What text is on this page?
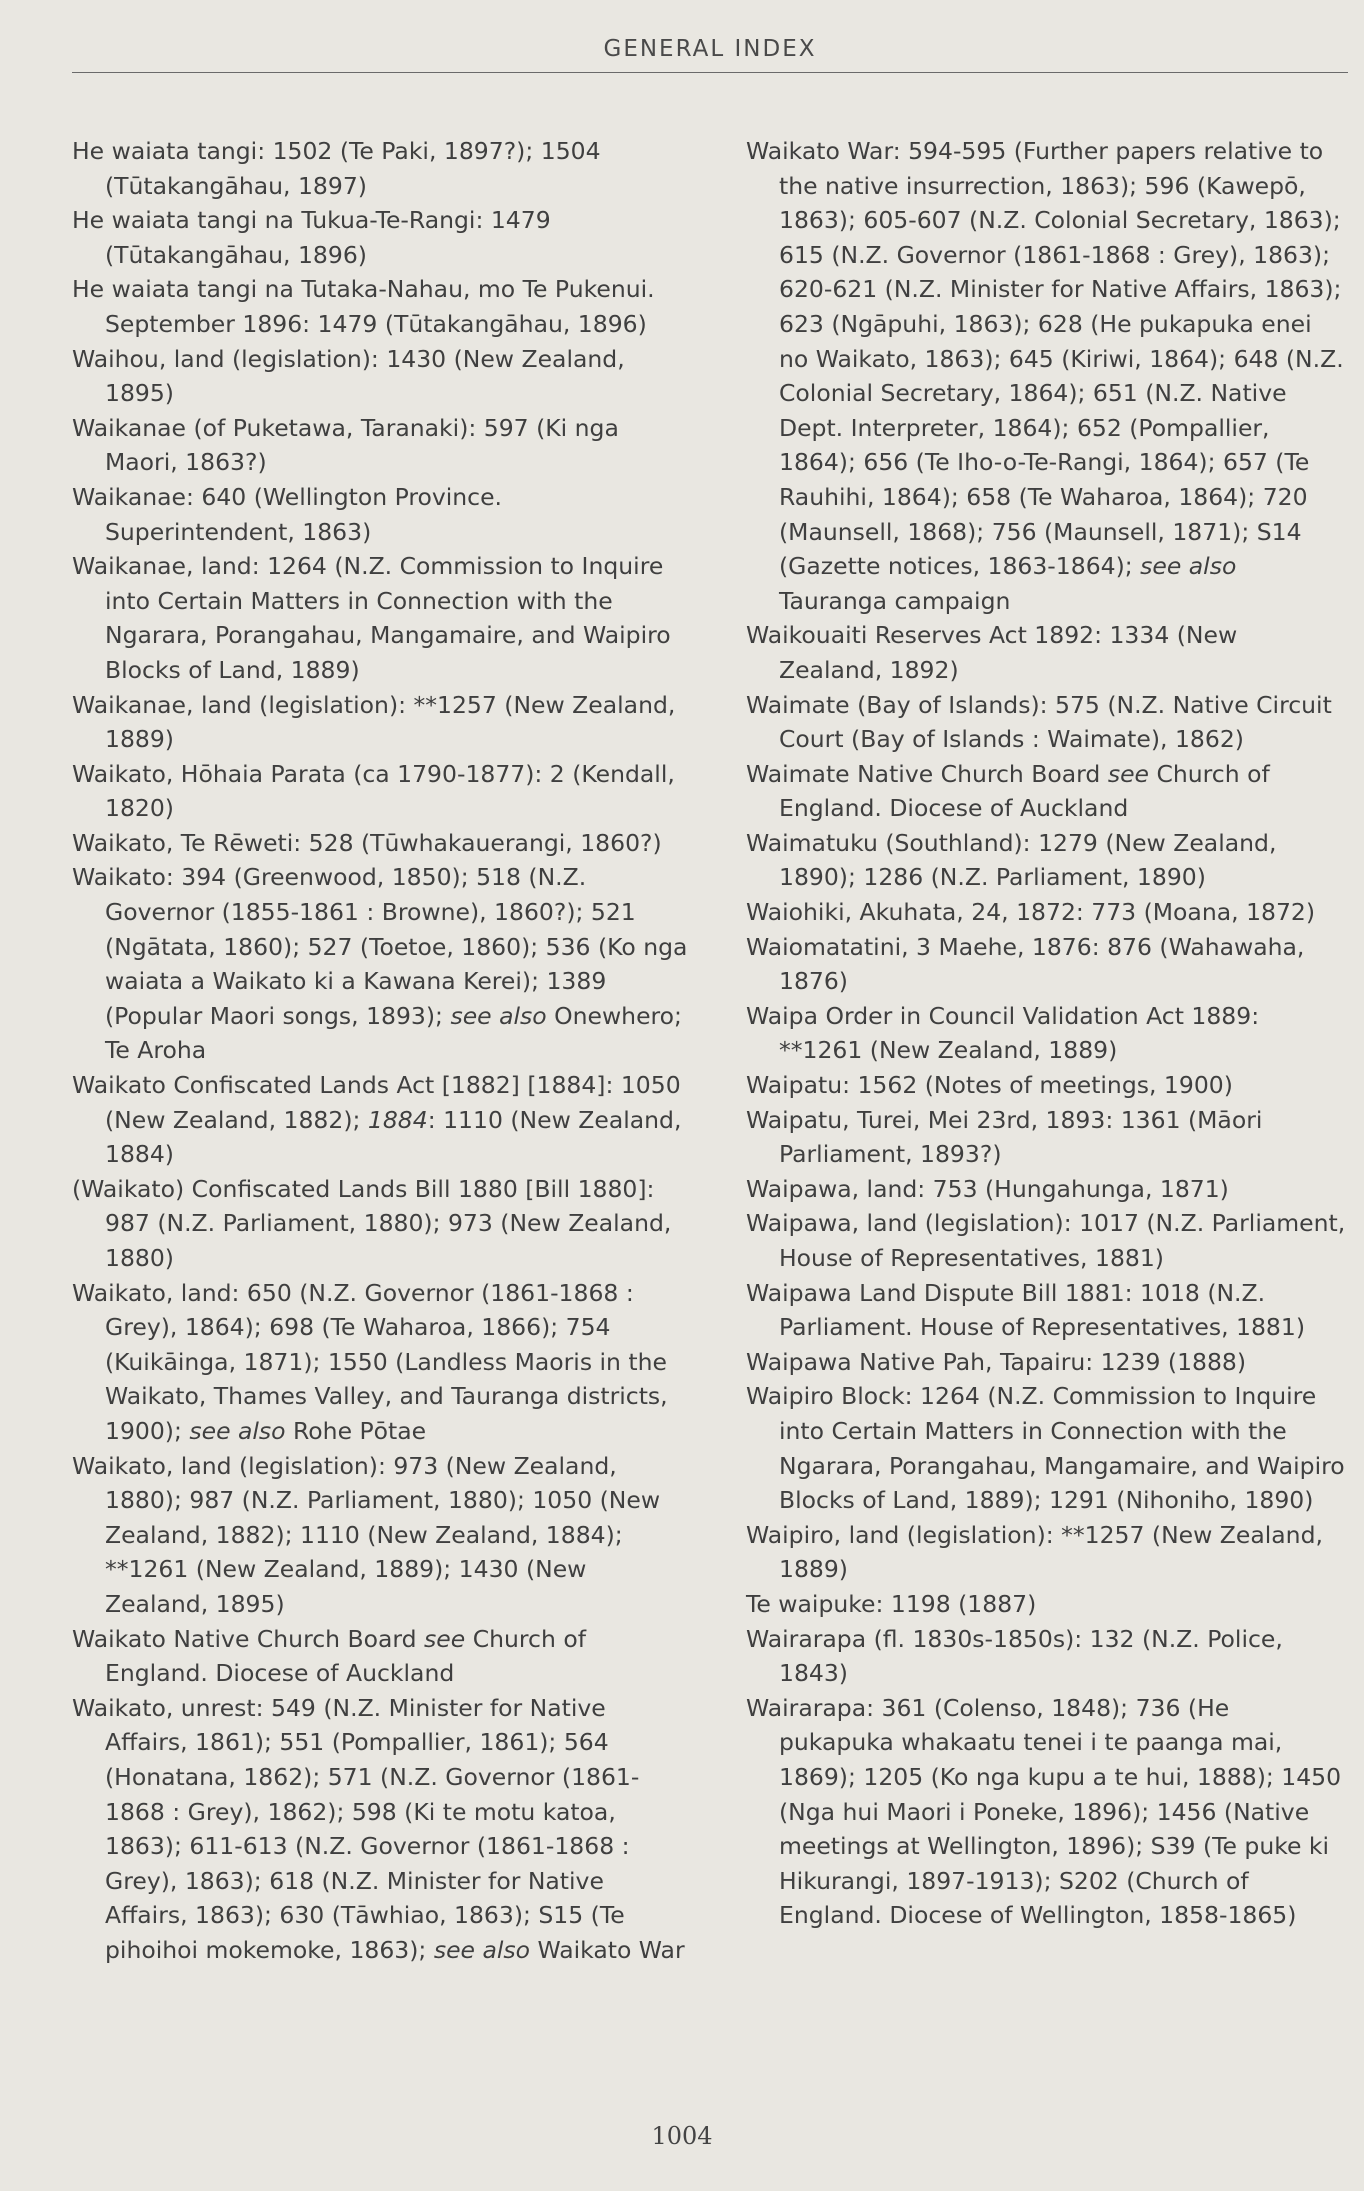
GENERAL INDEX

He waiata tangi: 1502 (Te Paki, 1897?); 1504 (Tūtakangāhau, 1897)

He waiata tangi na Tukua-Te-Rangi: 1479 (Tūtakangāhau, 1896)

He waiata tangi na Tutaka-Nahau, mo Te Pukenui. September 1896: 1479 (Tūtakangāhau, 1896)

Waihou, land (legislation): 1430 (New Zealand, 1895)

Waikanae (of Puketawa, Taranaki): 597 (Ki nga Maori, 1863?)

Waikanae: 640 (Wellington Province. Superintendent, 1863)

Waikanae, land: 1264 (N.Z. Commission to Inquire into Certain Matters in Connection with the Ngarara, Porangahau, Mangamaire, and Waipiro Blocks of Land, 1889)

Waikanae, land (legislation): **1257 (New Zealand, 1889)

Waikato, Hōhaia Parata (ca 1790-1877): 2 (Kendall, 1820)

Waikato, Te Rēweti: 528 (Tūwhakauerangi, 1860?)

Waikato: 394 (Greenwood, 1850); 518 (N.Z. Governor (1855-1861 : Browne), 1860?); 521 (Ngātata, 1860); 527 (Toetoe, 1860); 536 (Ko nga waiata a Waikato ki a Kawana Kerei); 1389 (Popular Maori songs, 1893); see also Onewhero; Te Aroha

Waikato Confiscated Lands Act [1882] [1884]: 1050 (New Zealand, 1882); 1884: 1110 (New Zealand, 1884)

(Waikato) Confiscated Lands Bill 1880 [Bill 1880]: 987 (N.Z. Parliament, 1880); 973 (New Zealand, 1880)

Waikato, land: 650 (N.Z. Governor (1861-1868 : Grey), 1864); 698 (Te Waharoa, 1866); 754 (Kuikāinga, 1871); 1550 (Landless Maoris in the Waikato, Thames Valley, and Tauranga districts, 1900); see also Rohe Pōtae

Waikato, land (legislation): 973 (New Zealand, 1880); 987 (N.Z. Parliament, 1880); 1050 (New Zealand, 1882); 1110 (New Zealand, 1884); **1261 (New Zealand, 1889); 1430 (New Zealand, 1895)

Waikato Native Church Board see Church of England. Diocese of Auckland

Waikato, unrest: 549 (N.Z. Minister for Native Affairs, 1861); 551 (Pompallier, 1861); 564 (Honatana, 1862); 571 (N.Z. Governor (1861-1868 : Grey), 1862); 598 (Ki te motu katoa, 1863); 611-613 (N.Z. Governor (1861-1868 : Grey), 1863); 618 (N.Z. Minister for Native Affairs, 1863); 630 (Tāwhiao, 1863); S15 (Te pihoihoi mokemoke, 1863); see also Waikato War

Waikato War: 594-595 (Further papers relative to the native insurrection, 1863); 596 (Kawepō, 1863); 605-607 (N.Z. Colonial Secretary, 1863); 615 (N.Z. Governor (1861-1868 : Grey), 1863); 620-621 (N.Z. Minister for Native Affairs, 1863); 623 (Ngāpuhi, 1863); 628 (He pukapuka enei no Waikato, 1863); 645 (Kiriwi, 1864); 648 (N.Z. Colonial Secretary, 1864); 651 (N.Z. Native Dept. Interpreter, 1864); 652 (Pompallier, 1864); 656 (Te Iho-o-Te-Rangi, 1864); 657 (Te Rauhihi, 1864); 658 (Te Waharoa, 1864); 720 (Maunsell, 1868); 756 (Maunsell, 1871); S14 (Gazette notices, 1863-1864); see also Tauranga campaign

Waikouaiti Reserves Act 1892: 1334 (New Zealand, 1892)

Waimate (Bay of Islands): 575 (N.Z. Native Circuit Court (Bay of Islands : Waimate), 1862)

Waimate Native Church Board see Church of England. Diocese of Auckland

Waimatuku (Southland): 1279 (New Zealand, 1890); 1286 (N.Z. Parliament, 1890)

Waiohiki, Akuhata, 24, 1872: 773 (Moana, 1872)

Waiomatatini, 3 Maehe, 1876: 876 (Wahawaha, 1876)

Waipa Order in Council Validation Act 1889: **1261 (New Zealand, 1889)

Waipatu: 1562 (Notes of meetings, 1900)

Waipatu, Turei, Mei 23rd, 1893: 1361 (Māori Parliament, 1893?)

Waipawa, land: 753 (Hungahunga, 1871)

Waipawa, land (legislation): 1017 (N.Z. Parliament, House of Representatives, 1881)

Waipawa Land Dispute Bill 1881: 1018 (N.Z. Parliament. House of Representatives, 1881)

Waipawa Native Pah, Tapairu: 1239 (1888)

Waipiro Block: 1264 (N.Z. Commission to Inquire into Certain Matters in Connection with the Ngarara, Porangahau, Mangamaire, and Waipiro Blocks of Land, 1889); 1291 (Nihoniho, 1890)

Waipiro, land (legislation): **1257 (New Zealand, 1889)

Te waipuke: 1198 (1887)

Wairarapa (fl. 1830s-1850s): 132 (N.Z. Police, 1843)

Wairarapa: 361 (Colenso, 1848); 736 (He pukapuka whakaatu tenei i te paanga mai, 1869); 1205 (Ko nga kupu a te hui, 1888); 1450 (Nga hui Maori i Poneke, 1896); 1456 (Native meetings at Wellington, 1896); S39 (Te puke ki Hikurangi, 1897-1913); S202 (Church of England. Diocese of Wellington, 1858-1865)

1004
